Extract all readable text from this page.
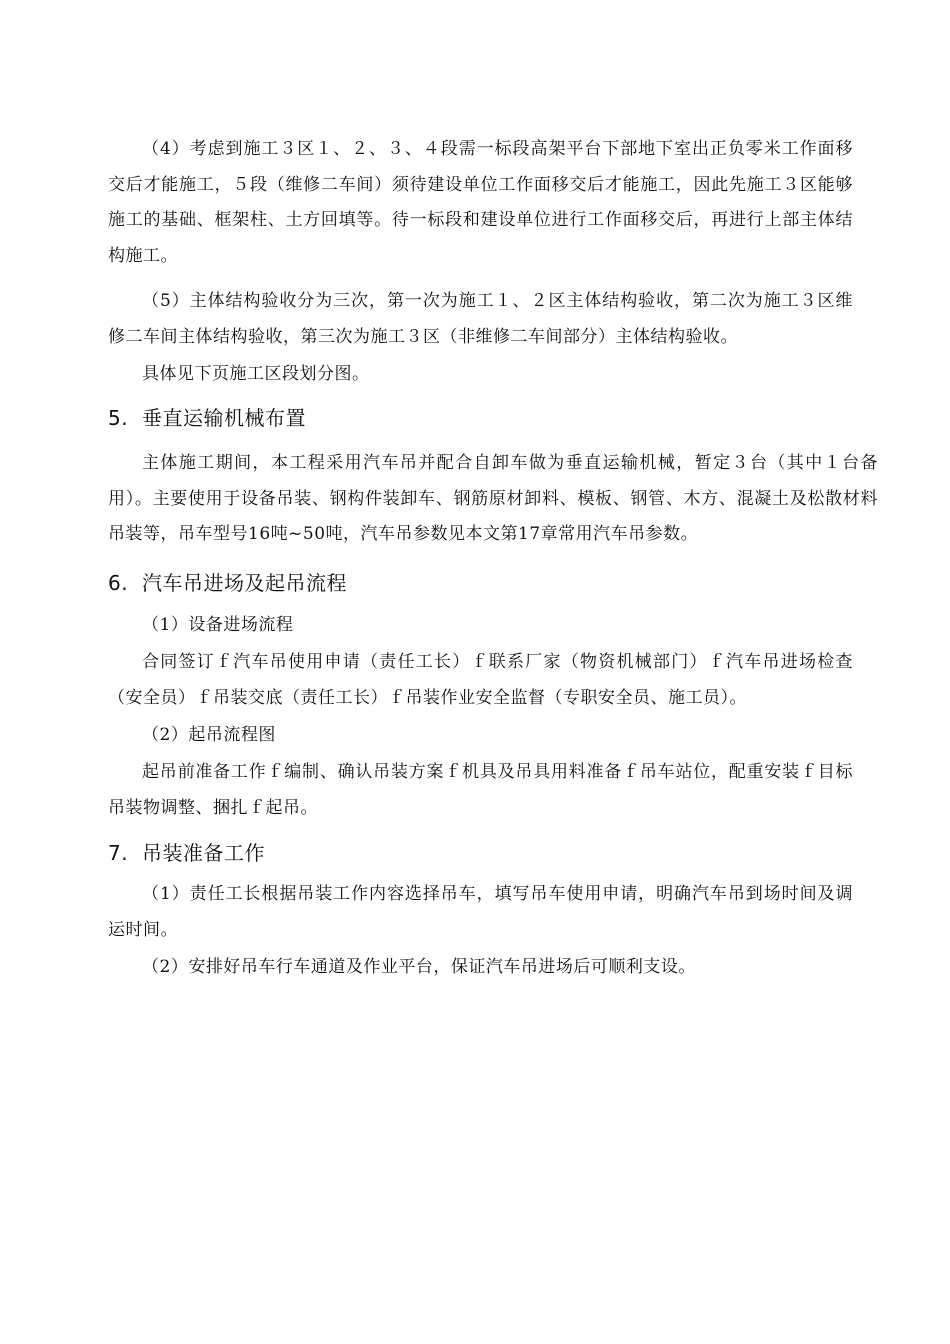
（4）考虑到施工３区１、２、３、４段需一标段高架平台下部地下室出正负零米工作面移交后才能施工，５段（维修二车间）须待建设单位工作面移交后才能施工，因此先施工３区能够施工的基础、框架柱、土方回填等。待一标段和建设单位进行工作面移交后，再进行上部主体结构施工。

（5）主体结构验收分为三次，第一次为施工１、２区主体结构验收，第二次为施工３区维修二车间主体结构验收，第三次为施工３区（非维修二车间部分）主体结构验收。

具体见下页施工区段划分图。

5. 垂直运输机械布置

主体施工期间，本工程采用汽车吊并配合自卸车做为垂直运输机械，暂定３台（其中１台备用）。主要使用于设备吊装、钢构件装卸车、钢筋原材卸料、模板、钢管、木方、混凝土及松散材料吊装等，吊车型号16吨~50吨，汽车吊参数见本文第17章常用汽车吊参数。

6. 汽车吊进场及起吊流程

（1）设备进场流程

合同签订ｆ汽车吊使用申请（责任工长）ｆ联系厂家（物资机械部门）ｆ汽车吊进场检查（安全员）ｆ吊装交底（责任工长）ｆ吊装作业安全监督（专职安全员、施工员）。

（2）起吊流程图

起吊前准备工作ｆ编制、确认吊装方案ｆ机具及吊具用料准备ｆ吊车站位，配重安装ｆ目标吊装物调整、捆扎ｆ起吊。

7. 吊装准备工作

（1）责任工长根据吊装工作内容选择吊车，填写吊车使用申请，明确汽车吊到场时间及调运时间。

（2）安排好吊车行车通道及作业平台，保证汽车吊进场后可顺利支设。
